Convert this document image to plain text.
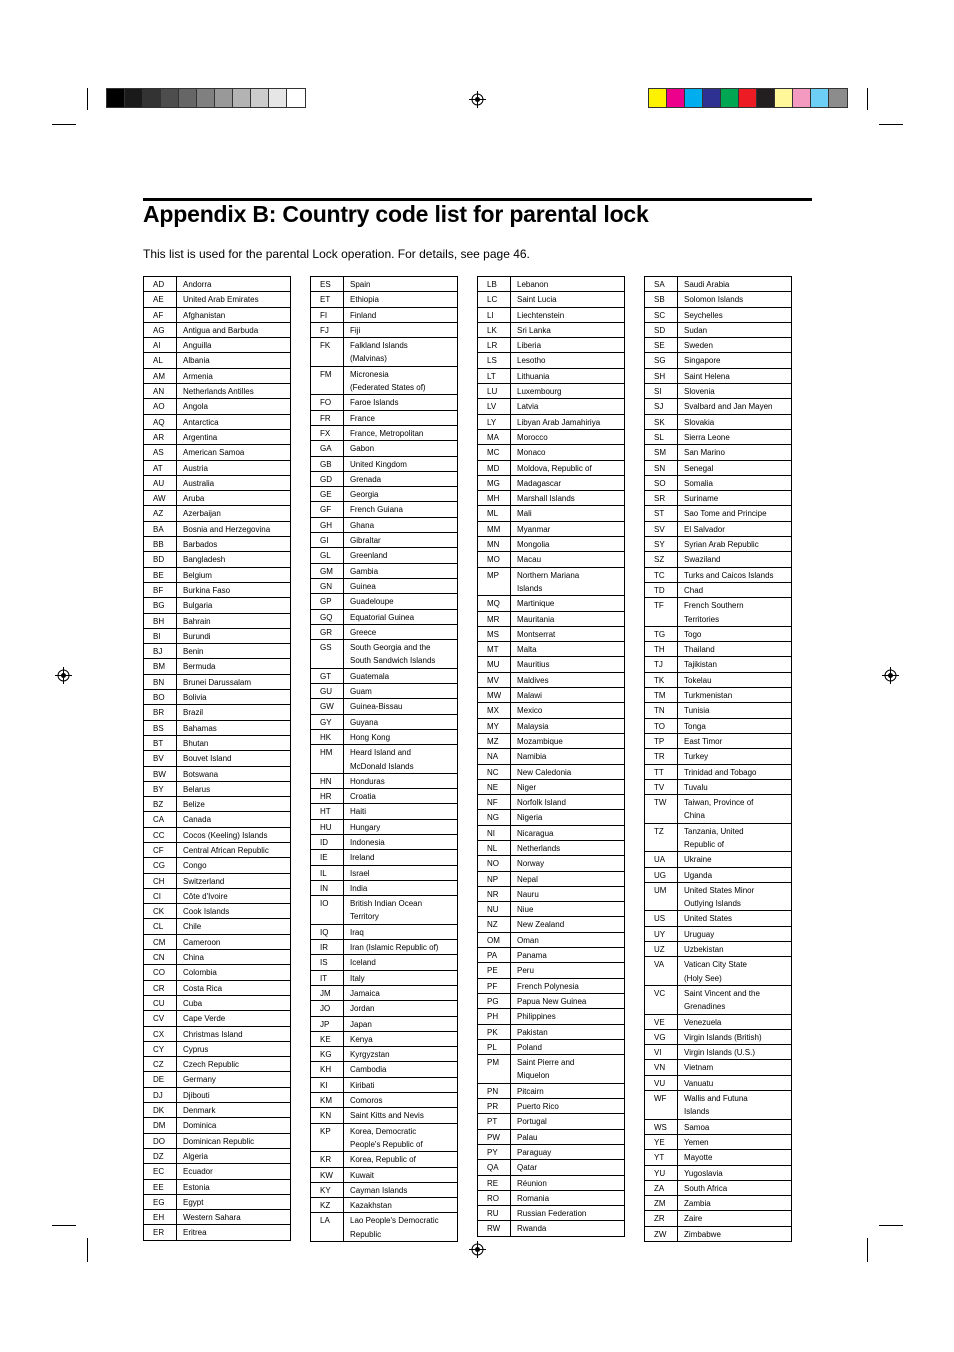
Appendix B: Country code list for parental lock

This list is used for the parental Lock operation. For details, see page 46.

AD	Andorra

AE	United Arab Emirates

AF	Afghanistan

AG	Antigua and Barbuda

AI	Anguilla

AL	Albania

AM	Armenia

AN	Netherlands Antilles

AO	Angola

AQ	Antarctica

AR	Argentina

AS	American Samoa

AT	Austria

AU	Australia

AW	Aruba

AZ	Azerbaijan

BA	Bosnia and Herzegovina

BB	Barbados

BD	Bangladesh

BE	Belgium

BF	Burkina Faso

BG	Bulgaria

BH	Bahrain

BI	Burundi

BJ	Benin

BM	Bermuda

BN	Brunei Darussalam

BO	Bolivia

BR	Brazil

BS	Bahamas

BT	Bhutan

BV	Bouvet Island

BW	Botswana

BY	Belarus

BZ	Belize

CA	Canada

CC	Cocos (Keeling) Islands

CF	Central African Republic

CG	Congo

CH	Switzerland

CI	Côte d'Ivoire

CK	Cook Islands

CL	Chile

CM	Cameroon

CN	China

CO	Colombia

CR	Costa Rica

CU	Cuba

CV	Cape Verde

CX	Christmas Island

CY	Cyprus

CZ	Czech Republic

DE	Germany

DJ	Djibouti

DK	Denmark

DM	Dominica

DO	Dominican Republic

DZ	Algeria

EC	Ecuador

EE	Estonia

EG	Egypt

EH	Western Sahara

ER	Eritrea
ES	Spain

ET	Ethiopia

FI	Finland

FJ	Fiji

FK	Falkland Islands
(Malvinas)

FM	Micronesia
(Federated States of)

FO	Faroe Islands

FR	France

FX	France, Metropolitan

GA	Gabon

GB	United Kingdom

GD	Grenada

GE	Georgia

GF	French Guiana

GH	Ghana

GI	Gibraltar

GL	Greenland

GM	Gambia

GN	Guinea

GP	Guadeloupe

GQ	Equatorial Guinea

GR	Greece

GS	South Georgia and the
South Sandwich Islands

GT	Guatemala

GU	Guam

GW	Guinea-Bissau

GY	Guyana

HK	Hong Kong

HM	Heard Island and
McDonald Islands

HN	Honduras

HR	Croatia

HT	Haiti

HU	Hungary

ID	Indonesia

IE	Ireland

IL	Israel

IN	India

IO	British Indian Ocean
Territory

IQ	Iraq

IR	Iran (Islamic Republic of)

IS	Iceland

IT	Italy

JM	Jamaica

JO	Jordan

JP	Japan

KE	Kenya

KG	Kyrgyzstan

KH	Cambodia

KI	Kiribati

KM	Comoros

KN	Saint Kitts and Nevis

KP	Korea, Democratic
People's Republic of

KR	Korea, Republic of

KW	Kuwait

KY	Cayman Islands

KZ	Kazakhstan

LA	Lao People's Democratic
Republic
LB	Lebanon

LC	Saint Lucia

LI	Liechtenstein

LK	Sri Lanka

LR	Liberia

LS	Lesotho

LT	Lithuania

LU	Luxembourg

LV	Latvia

LY	Libyan Arab Jamahiriya

MA	Morocco

MC	Monaco

MD	Moldova, Republic of

MG	Madagascar

MH	Marshall Islands

ML	Mali

MM	Myanmar

MN	Mongolia

MO	Macau

MP	Northern Mariana
Islands

MQ	Martinique

MR	Mauritania

MS	Montserrat

MT	Malta

MU	Mauritius

MV	Maldives

MW	Malawi

MX	Mexico

MY	Malaysia

MZ	Mozambique

NA	Namibia

NC	New Caledonia

NE	Niger

NF	Norfolk Island

NG	Nigeria

NI	Nicaragua

NL	Netherlands

NO	Norway

NP	Nepal

NR	Nauru

NU	Niue

NZ	New Zealand

OM	Oman

PA	Panama

PE	Peru

PF	French Polynesia

PG	Papua New Guinea

PH	Philippines

PK	Pakistan

PL	Poland

PM	Saint Pierre and
Miquelon

PN	Pitcairn

PR	Puerto Rico

PT	Portugal

PW	Palau

PY	Paraguay

QA	Qatar

RE	Réunion

RO	Romania

RU	Russian Federation

RW	Rwanda
SA	Saudi Arabia

SB	Solomon Islands

SC	Seychelles

SD	Sudan

SE	Sweden

SG	Singapore

SH	Saint Helena

SI	Slovenia

SJ	Svalbard and Jan Mayen

SK	Slovakia

SL	Sierra Leone

SM	San Marino

SN	Senegal

SO	Somalia

SR	Suriname

ST	Sao Tome and Principe

SV	El Salvador

SY	Syrian Arab Republic

SZ	Swaziland

TC	Turks and Caicos Islands

TD	Chad

TF	French Southern
Territories

TG	Togo

TH	Thailand

TJ	Tajikistan

TK	Tokelau

TM	Turkmenistan

TN	Tunisia

TO	Tonga

TP	East Timor

TR	Turkey

TT	Trinidad and Tobago

TV	Tuvalu

TW	Taiwan, Province of
China

TZ	Tanzania, United
Republic of

UA	Ukraine

UG	Uganda

UM	United States Minor
Outlying Islands

US	United States

UY	Uruguay

UZ	Uzbekistan

VA	Vatican City State
(Holy See)

VC	Saint Vincent and the
Grenadines

VE	Venezuela

VG	Virgin Islands (British)

VI	Virgin Islands (U.S.)

VN	Vietnam

VU	Vanuatu

WF	Wallis and Futuna
Islands

WS	Samoa

YE	Yemen

YT	Mayotte

YU	Yugoslavia

ZA	South Africa

ZM	Zambia

ZR	Zaire

ZW	Zimbabwe
